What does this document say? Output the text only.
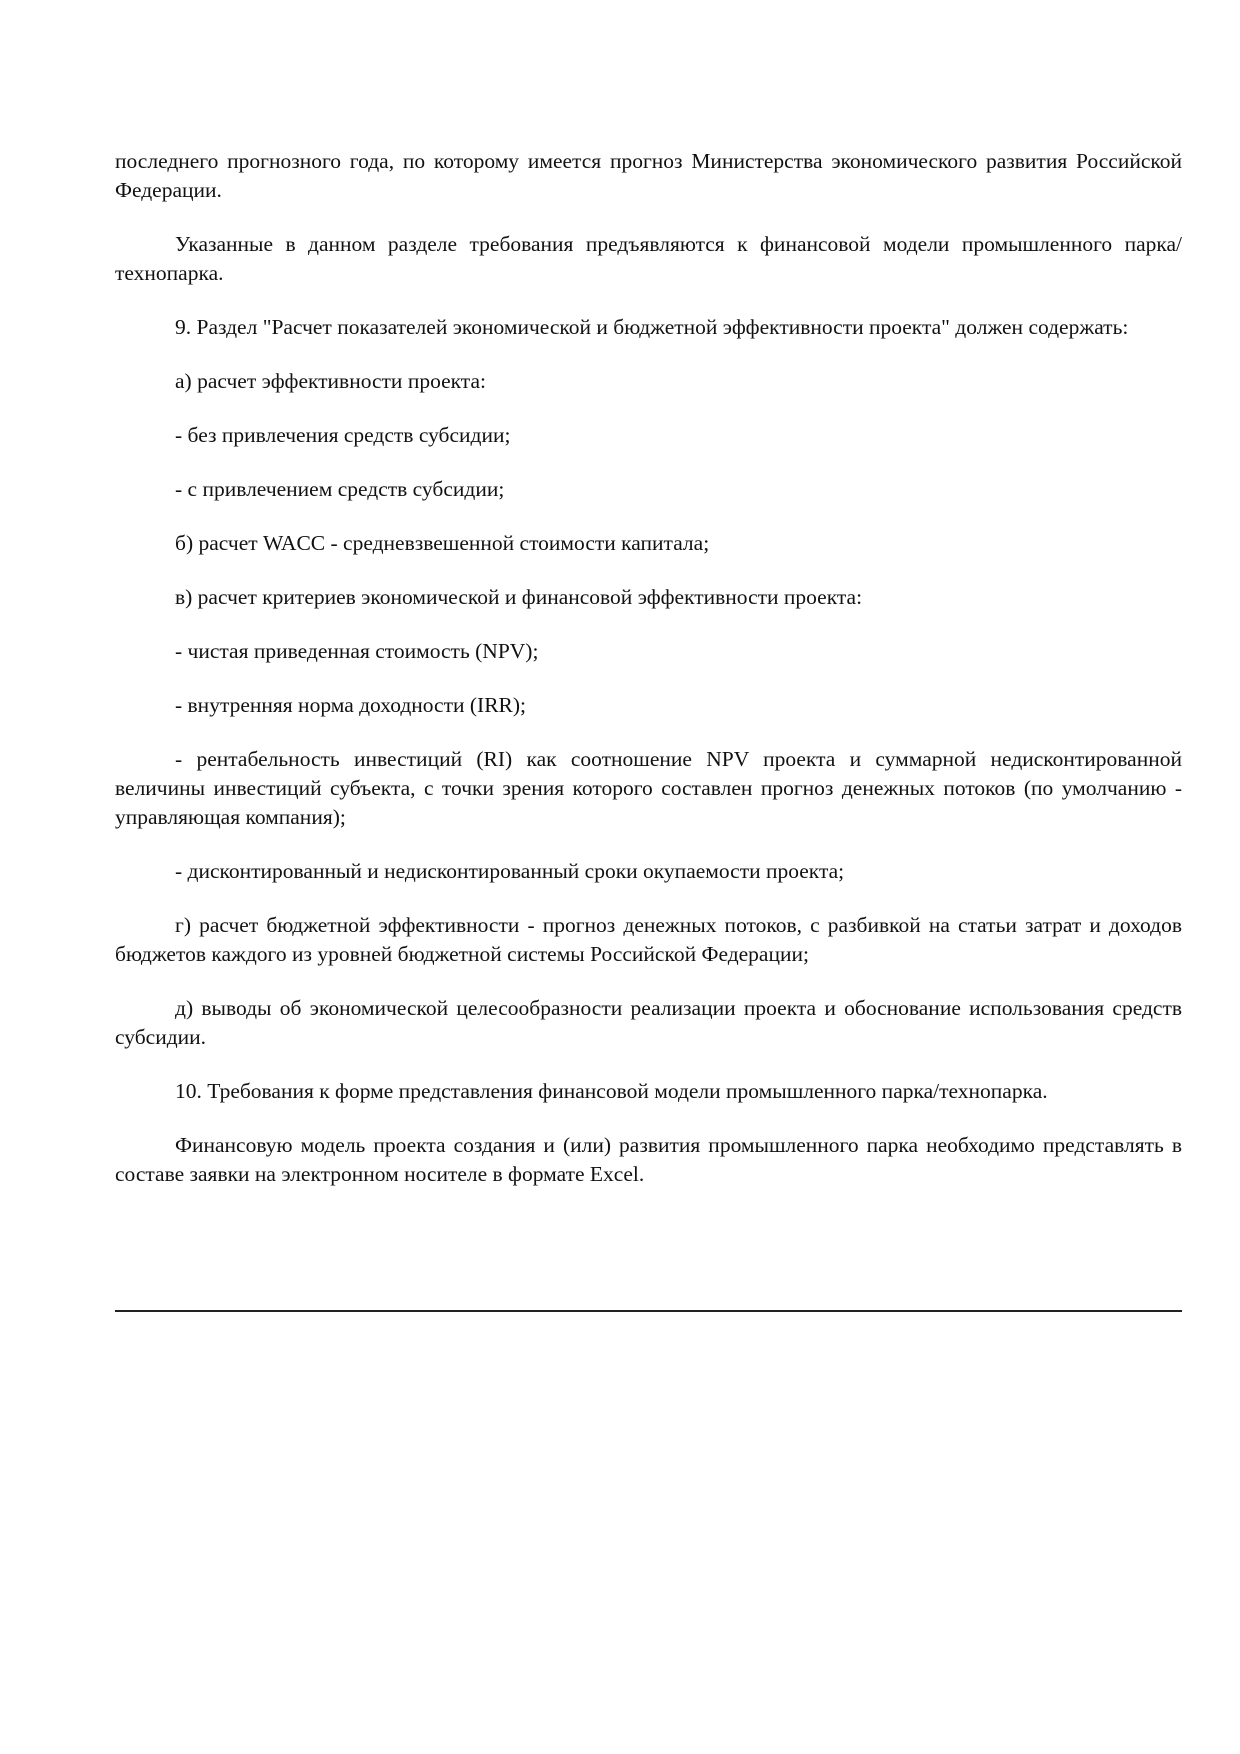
последнего прогнозного года, по которому имеется прогноз Министерства экономического развития Российской Федерации.

Указанные в данном разделе требования предъявляются к финансовой модели промышленного парка/технопарка.

9. Раздел "Расчет показателей экономической и бюджетной эффективности проекта" должен содержать:

а) расчет эффективности проекта:

- без привлечения средств субсидии;

- с привлечением средств субсидии;

б) расчет WACC - средневзвешенной стоимости капитала;

в) расчет критериев экономической и финансовой эффективности проекта:

- чистая приведенная стоимость (NPV);

- внутренняя норма доходности (IRR);

- рентабельность инвестиций (RI) как соотношение NPV проекта и суммарной недисконтированной величины инвестиций субъекта, с точки зрения которого составлен прогноз денежных потоков (по умолчанию - управляющая компания);

- дисконтированный и недисконтированный сроки окупаемости проекта;

г) расчет бюджетной эффективности - прогноз денежных потоков, с разбивкой на статьи затрат и доходов бюджетов каждого из уровней бюджетной системы Российской Федерации;

д) выводы об экономической целесообразности реализации проекта и обоснование использования средств субсидии.

10. Требования к форме представления финансовой модели промышленного парка/технопарка.

Финансовую модель проекта создания и (или) развития промышленного парка необходимо представлять в составе заявки на электронном носителе в формате Excel.
